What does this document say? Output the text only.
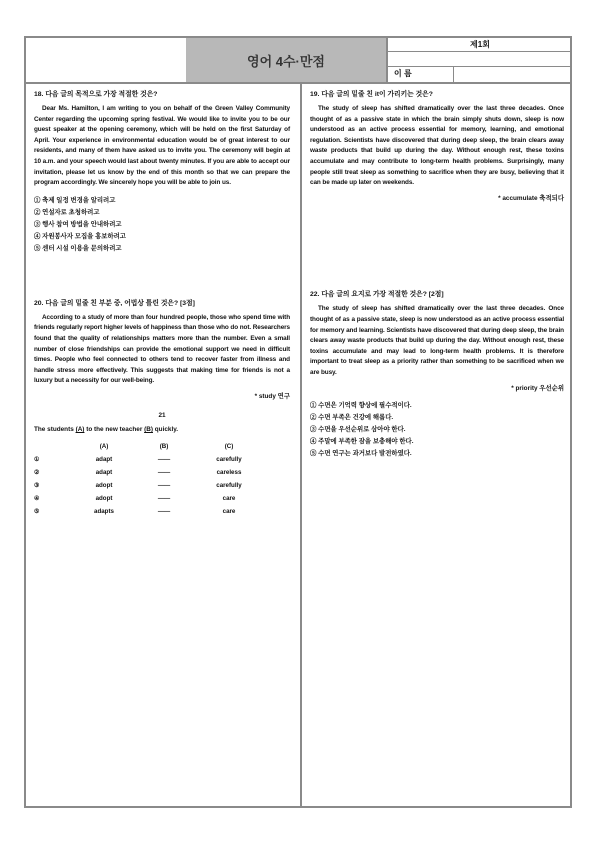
영어 4수·만점
제1회
이 름

18. 다음 글의 목적으로 가장 적절한 것은?

Dear Ms. Hamilton, I am writing to you on behalf of the Green Valley Community Center regarding the upcoming spring festival. We would like to invite you to be our guest speaker at the opening ceremony, which will be held on the first Saturday of April. Your experience in environmental education would be of great interest to our residents, and many of them have asked us to invite you. The ceremony will begin at 10 a.m. and your speech would last about twenty minutes. If you are able to accept our invitation, please let us know by the end of this month so that we can prepare the program accordingly. We sincerely hope you will be able to join us.

① 축제 일정 변경을 알리려고
② 연설자로 초청하려고
③ 행사 참여 방법을 안내하려고
④ 자원봉사자 모집을 홍보하려고
⑤ 센터 시설 이용을 문의하려고

20. 다음 글의 밑줄 친 부분 중, 어법상 틀린 것은? [3점]

According to a study of more than four hundred people, those who spend time with friends regularly report higher levels of happiness than those who do not. Researchers found that the quality of relationships matters more than the number. Even a small number of close friendships can provide the emotional support we need in difficult times. People who feel connected to others tend to recover faster from illness and handle stress more effectively. This suggests that making time for friends is not a luxury but a necessity for our well-being.

* study 연구

21

The students (A) to the new teacher (B) quickly.

	(A)	(B)	(C)
①	adapt	——	carefully
②	adapt	——	careless
③	adopt	——	carefully
④	adopt	——	care
⑤	adapts	——	care

19. 다음 글의 밑줄 친 it이 가리키는 것은?

The study of sleep has shifted dramatically over the last three decades. Once thought of as a passive state in which the brain simply shuts down, sleep is now understood as an active process essential for memory, learning, and emotional regulation. Scientists have discovered that during deep sleep, the brain clears away waste products that build up during the day. Without enough rest, these toxins accumulate and may contribute to long-term health problems. Surprisingly, many people still treat sleep as something to sacrifice when they are busy, believing that it can be made up later on weekends.

* accumulate 축적되다

22. 다음 글의 요지로 가장 적절한 것은? [2점]

The study of sleep has shifted dramatically over the last three decades. Once thought of as a passive state, sleep is now understood as an active process essential for memory and learning. Scientists have discovered that during deep sleep, the brain clears away waste products that build up during the day. Without enough rest, these toxins accumulate and may lead to long-term health problems. It is therefore important to treat sleep as a priority rather than something to be sacrificed when we are busy.

* priority 우선순위

① 수면은 기억력 향상에 필수적이다.
② 수면 부족은 건강에 해롭다.
③ 수면을 우선순위로 삼아야 한다.
④ 주말에 부족한 잠을 보충해야 한다.
⑤ 수면 연구는 과거보다 발전하였다.
